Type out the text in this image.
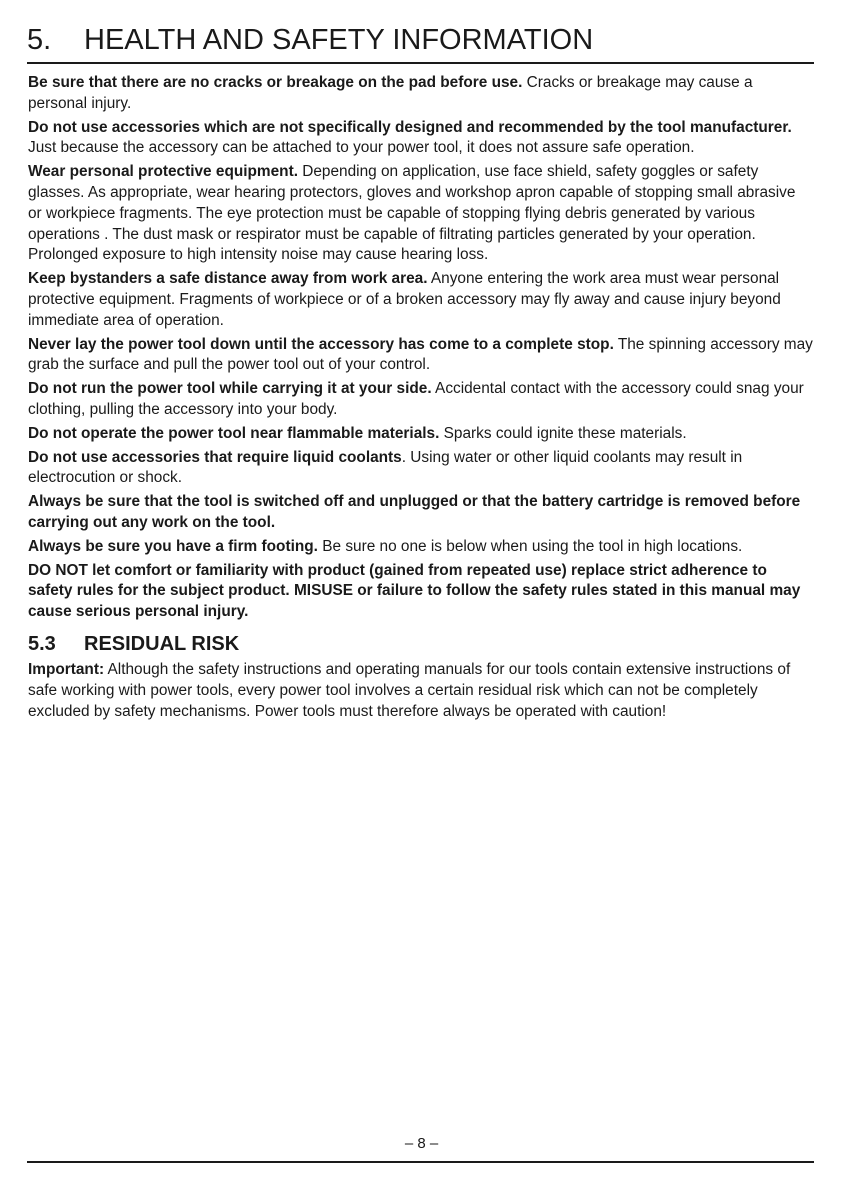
5. HEALTH AND SAFETY INFORMATION

Be sure that there are no cracks or breakage on the pad before use. Cracks or breakage may cause a personal injury.

Do not use accessories which are not specifically designed and recommended by the tool manufacturer. Just because the accessory can be attached to your power tool, it does not assure safe operation.

Wear personal protective equipment. Depending on application, use face shield, safety goggles or safety glasses. As appropriate, wear hearing protectors, gloves and workshop apron capable of stopping small abrasive or workpiece fragments. The eye protection must be capable of stopping flying debris generated by various operations . The dust mask or respirator must be capable of filtrating particles generated by your operation. Prolonged exposure to high intensity noise may cause hearing loss.

Keep bystanders a safe distance away from work area. Anyone entering the work area must wear personal protective equipment. Fragments of workpiece or of a broken accessory may fly away and cause injury beyond immediate area of operation.

Never lay the power tool down until the accessory has come to a complete stop. The spinning accessory may grab the surface and pull the power tool out of your control.

Do not run the power tool while carrying it at your side. Accidental contact with the accessory could snag your clothing, pulling the accessory into your body.

Do not operate the power tool near flammable materials. Sparks could ignite these materials.

Do not use accessories that require liquid coolants. Using water or other liquid coolants may result in electrocution or shock.

Always be sure that the tool is switched off and unplugged or that the battery cartridge is removed before carrying out any work on the tool.

Always be sure you have a firm footing. Be sure no one is below when using the tool in high locations.

DO NOT let comfort or familiarity with product (gained from repeated use) replace strict adherence to safety rules for the subject product. MISUSE or failure to follow the safety rules stated in this manual may cause serious personal injury.

5.3 RESIDUAL RISK

Important: Although the safety instructions and operating manuals for our tools contain extensive instructions of safe working with power tools, every power tool involves a certain residual risk which can not be completely excluded by safety mechanisms. Power tools must therefore always be operated with caution!

– 8 –
